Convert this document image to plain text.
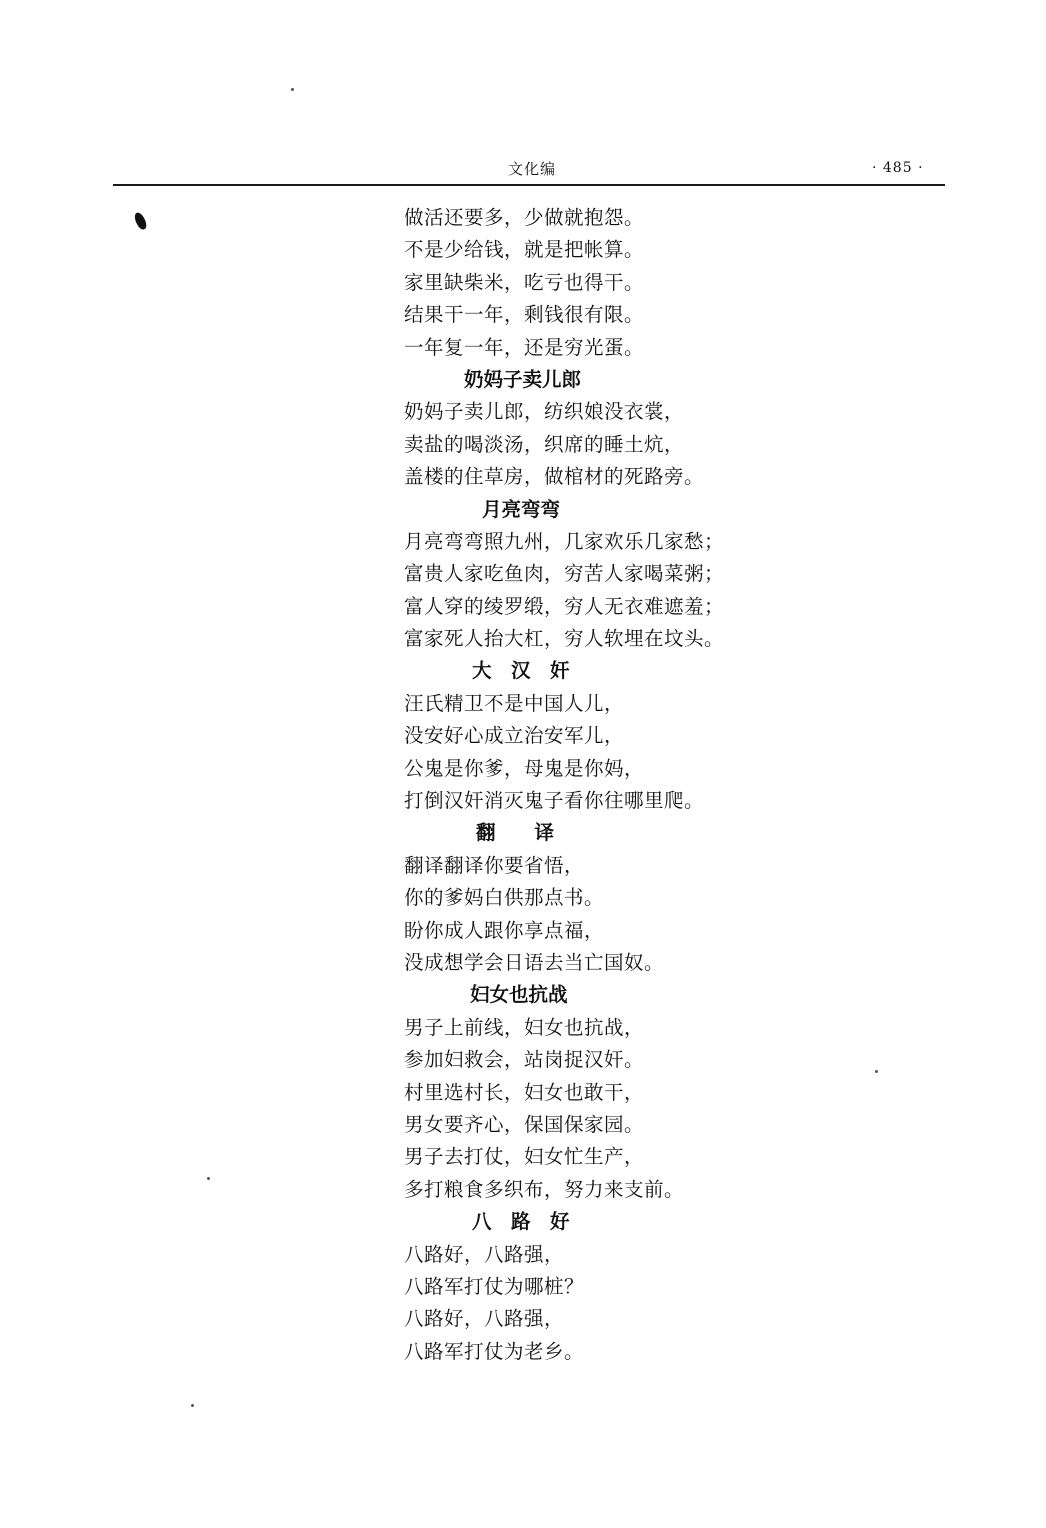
文化编	· 485 ·
做活还要多，少做就抱怨。
不是少给钱，就是把帐算。
家里缺柴米，吃亏也得干。
结果干一年，剩钱很有限。
一年复一年，还是穷光蛋。
奶妈子卖儿郎
奶妈子卖儿郎，纺织娘没衣裳，
卖盐的喝淡汤，织席的睡土炕，
盖楼的住草房，做棺材的死路旁。
月亮弯弯
月亮弯弯照九州，几家欢乐几家愁；
富贵人家吃鱼肉，穷苦人家喝菜粥；
富人穿的绫罗缎，穷人无衣难遮羞；
富家死人抬大杠，穷人软埋在坟头。
大　汉　奸
汪氏精卫不是中国人儿，
没安好心成立治安军儿，
公鬼是你爹，母鬼是你妈，
打倒汉奸消灭鬼子看你往哪里爬。
翻　　译
翻译翻译你要省悟，
你的爹妈白供那点书。
盼你成人跟你享点福，
没成想学会日语去当亡国奴。
妇女也抗战
男子上前线，妇女也抗战，
参加妇救会，站岗捉汉奸。
村里选村长，妇女也敢干，
男女要齐心，保国保家园。
男子去打仗，妇女忙生产，
多打粮食多织布，努力来支前。
八　路　好
八路好，八路强，
八路军打仗为哪桩？
八路好，八路强，
八路军打仗为老乡。
